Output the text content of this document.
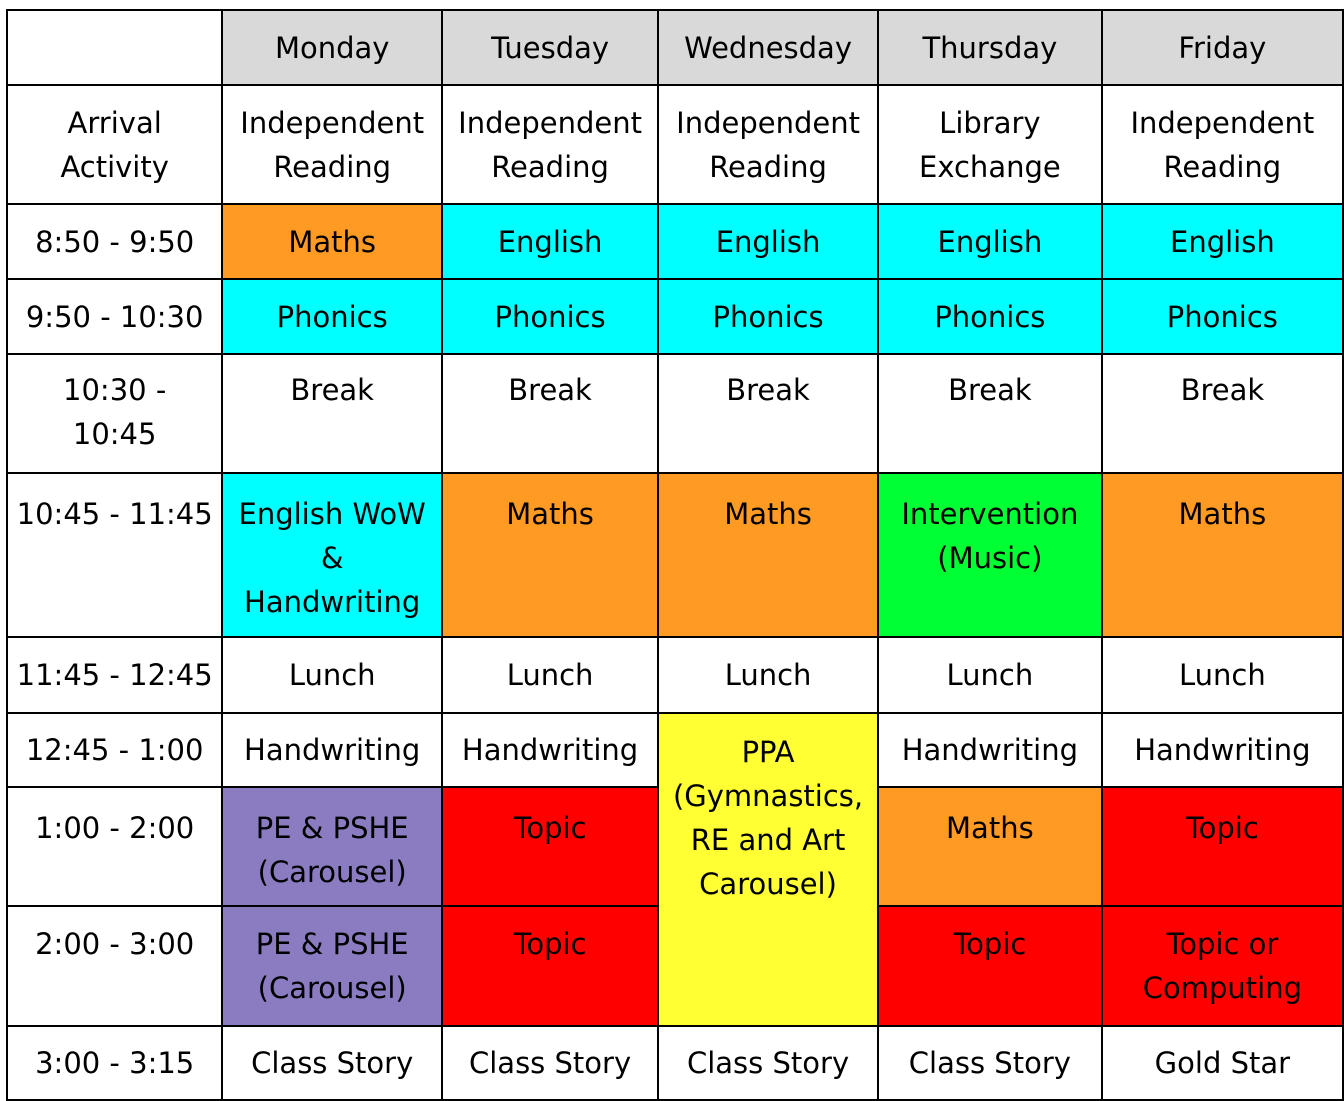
	Monday	Tuesday	Wednesday	Thursday	Friday
Arrival Activity	Independent Reading	Independent Reading	Independent Reading	Library Exchange	Independent Reading
8:50 - 9:50	Maths	English	English	English	English
9:50 - 10:30	Phonics	Phonics	Phonics	Phonics	Phonics
10:30 - 10:45	Break	Break	Break	Break	Break
10:45 - 11:45	English WoW & Handwriting	Maths	Maths	Intervention (Music)	Maths
11:45 - 12:45	Lunch	Lunch	Lunch	Lunch	Lunch
12:45 - 1:00	Handwriting	Handwriting	PPA (Gymnastics, RE and Art Carousel)	Handwriting	Handwriting
1:00 - 2:00	PE & PSHE (Carousel)	Topic		Maths	Topic
2:00 - 3:00	PE & PSHE (Carousel)	Topic		Topic	Topic or Computing
3:00 - 3:15	Class Story	Class Story	Class Story	Class Story	Gold Star
